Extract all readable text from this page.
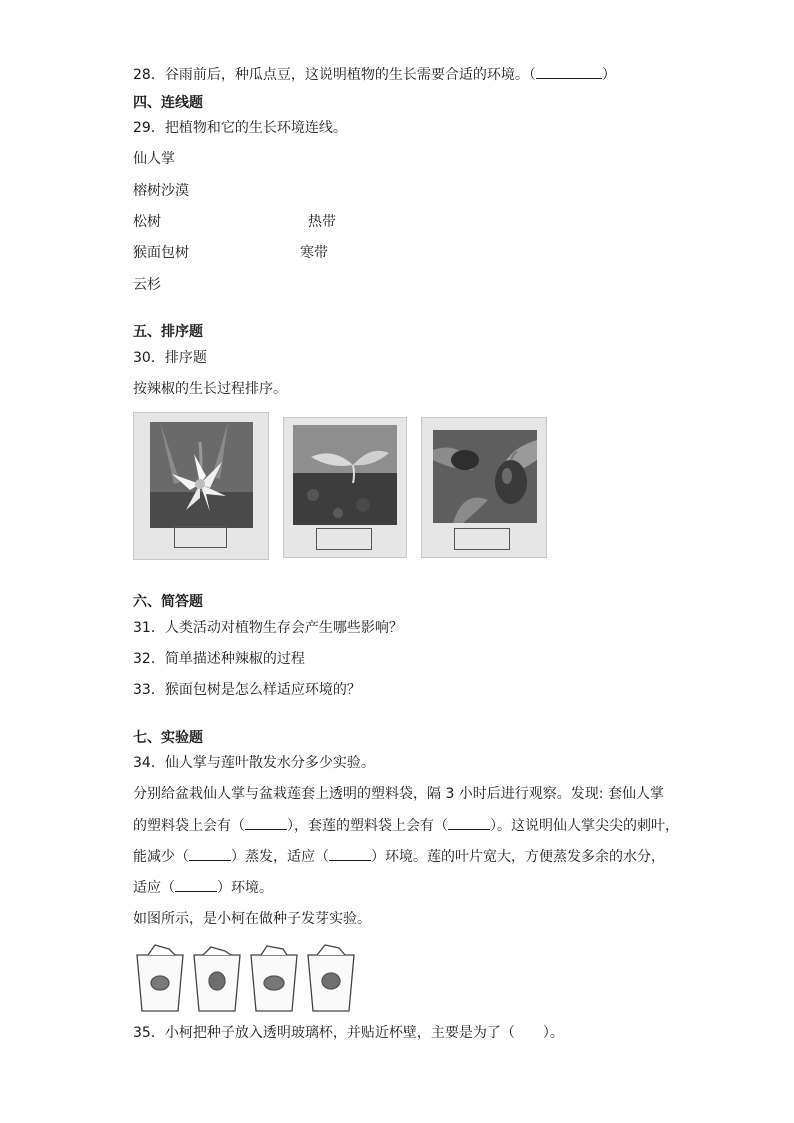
28．谷雨前后，种瓜点豆，这说明植物的生长需要合适的环境。（	）
四、连线题
29．把植物和它的生长环境连线。
仙人掌
榕树沙漠
松树	热带
猴面包树	寒带
云杉
五、排序题
30．排序题
按辣椒的生长过程排序。
六、简答题
31．人类活动对植物生存会产生哪些影响？
32．简单描述种辣椒的过程
33．猴面包树是怎么样适应环境的？
七、实验题
34．仙人掌与莲叶散发水分多少实验。
分别给盆栽仙人掌与盆栽莲套上透明的塑料袋，隔 3 小时后进行观察。发现: 套仙人掌
的塑料袋上会有（	），套莲的塑料袋上会有（	）。这说明仙人掌尖尖的刺叶，
能减少（	）蒸发，适应（	）环境。莲的叶片宽大，方便蒸发多余的水分，
适应（	）环境。
如图所示，是小柯在做种子发芽实验。
35．小柯把种子放入透明玻璃杯，并贴近杯壁，主要是为了（　　）。
